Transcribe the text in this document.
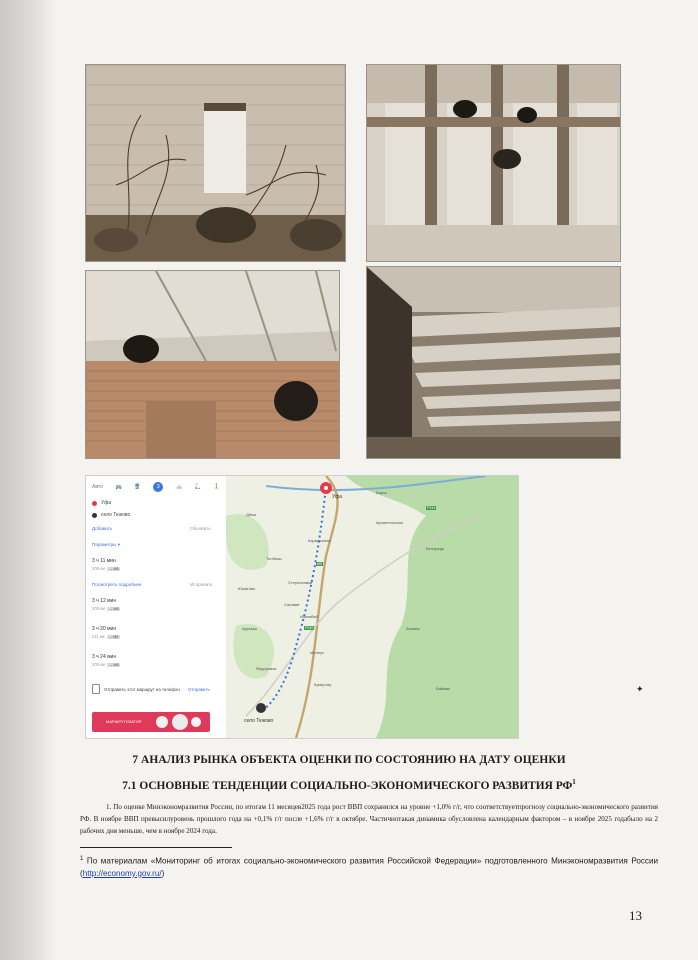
Авто	🚌	🚆	3	🚲	🛴	🚶
Уфа
село Тюково
Добавить	Обновить
Параметры ▾
3 ч 11 мин
208 км → М5
Посмотреть подробнее	Исправить
3 ч 12 мин
209 км → М5
3 ч 20 мин
211 км → М5
3 ч 24 мин
209 км → М5
Отправить этот маршрут на телефон	Отправить
МАРШРУТИЗАТОР
Уфа
село Тюково
Дёма
Кармаскалы
Бирск
Стерлитамак
Ишимбай
Салават
Мелеуз
Кумертау
Белорецк
Архангельское
Толбазы
Юматово
Аургазы
Федоровка
Зилаир
Баймак
М5
Р240
Р314
7 АНАЛИЗ РЫНКА ОБЪЕКТА ОЦЕНКИ ПО СОСТОЯНИЮ НА ДАТУ ОЦЕНКИ
7.1 ОСНОВНЫЕ ТЕНДЕНЦИИ СОЦИАЛЬНО-ЭКОНОМИЧЕСКОГО РАЗВИТИЯ $РФ^1$
1. По оценке Минэкономразвития России, по итогам 11 месяцев2025 года рост ВВП сохранился на уровне +1,0% г/г, что соответствуетпрогнозу социально-экономического развития РФ. В ноябре ВВП превысилуровень прошлого года на +0,1% г/г после +1,6% г/г в октябре. Частичнотакая динамика обусловлена календарным фактором – в ноябре 2025 годабыло на 2 рабочих дня меньше, чем в ноябре 2024 года.
$^1$ По материалам «Мониторинг об итогах социально-экономического развития Российской Федерации» подготовленного Минэкономразвития России (http://economy.gov.ru/)
13
✦
